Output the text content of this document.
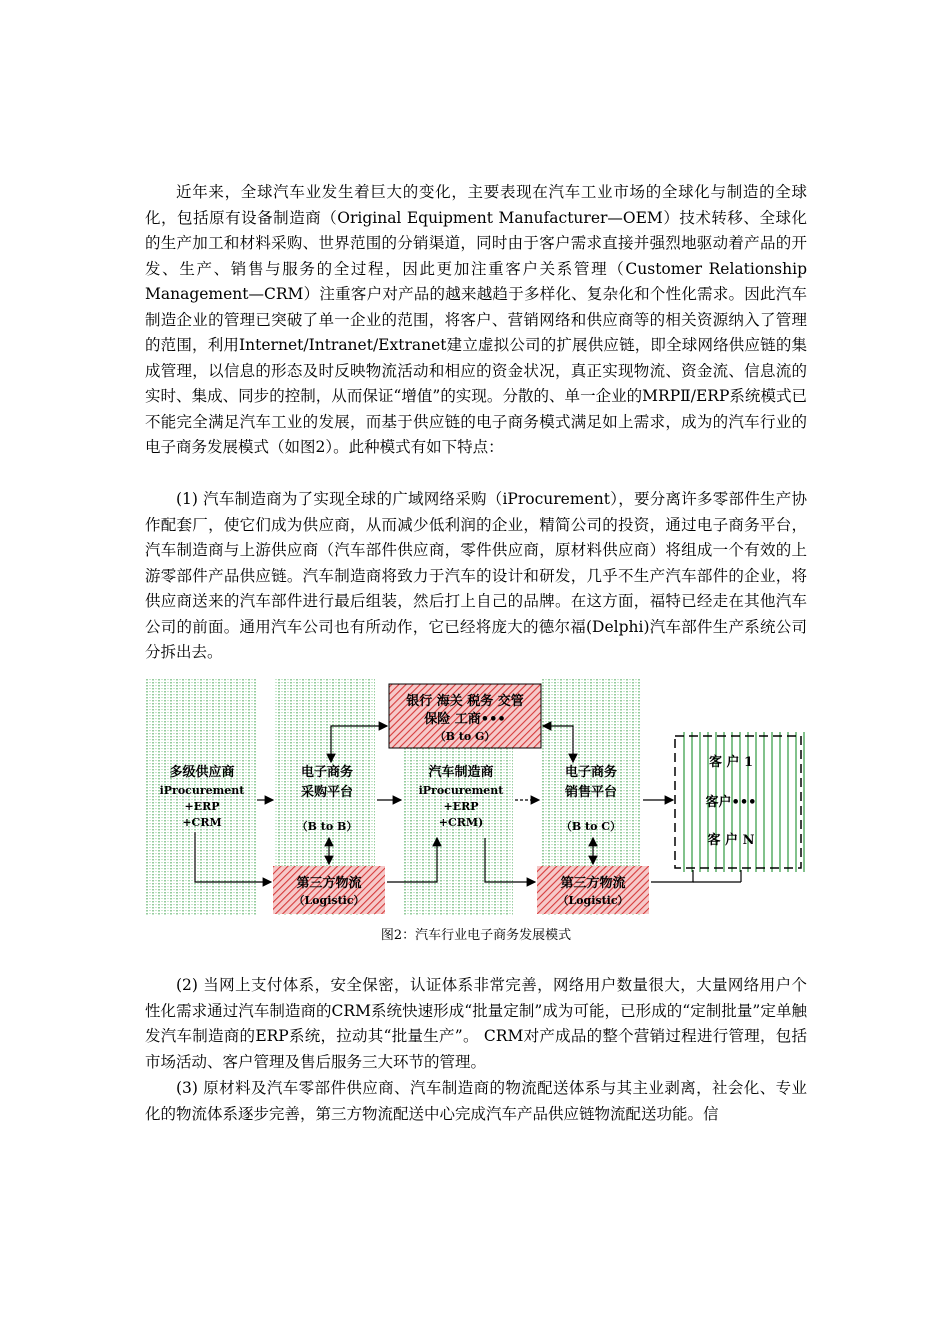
近年来，全球汽车业发生着巨大的变化，主要表现在汽车工业市场的全球化与制造的全球化，包括原有设备制造商（Original Equipment Manufacturer—OEM）技术转移、全球化的生产加工和材料采购、世界范围的分销渠道，同时由于客户需求直接并强烈地驱动着产品的开发、生产、销售与服务的全过程，因此更加注重客户关系管理（Customer Relationship Management—CRM）注重客户对产品的越来越趋于多样化、复杂化和个性化需求。因此汽车制造企业的管理已突破了单一企业的范围，将客户、营销网络和供应商等的相关资源纳入了管理的范围，利用Internet/Intranet/Extranet建立虚拟公司的扩展供应链，即全球网络供应链的集成管理，以信息的形态及时反映物流活动和相应的资金状况，真正实现物流、资金流、信息流的实时、集成、同步的控制，从而保证“增值”的实现。分散的、单一企业的MRPⅡ/ERP系统模式已不能完全满足汽车工业的发展，而基于供应链的电子商务模式满足如上需求，成为的汽车行业的电子商务发展模式（如图2）。此种模式有如下特点：

(1) 汽车制造商为了实现全球的广域网络采购（iProcurement），要分离许多零部件生产协作配套厂，使它们成为供应商，从而减少低利润的企业，精简公司的投资，通过电子商务平台，汽车制造商与上游供应商（汽车部件供应商，零件供应商，原材料供应商）将组成一个有效的上游零部件产品供应链。汽车制造商将致力于汽车的设计和研发，几乎不生产汽车部件的企业，将供应商送来的汽车部件进行最后组装，然后打上自己的品牌。在这方面，福特已经走在其他汽车公司的前面。通用汽车公司也有所动作，它已经将庞大的德尔福(Delphi)汽车部件生产系统公司分拆出去。

银行 海关 税务 交管
保险 工商•••
（B to G）
多级供应商
iProcurement
+ERP
+CRM
电子商务
采购平台
（B to B）
汽车制造商
iProcurement
+ERP
+CRM)
电子商务
销售平台
（B to C）
客 户 1
客户•••
客 户 N
第三方物流
（Logistic）
第三方物流
（Logistic）
图2：汽车行业电子商务发展模式

(2) 当网上支付体系，安全保密，认证体系非常完善，网络用户数量很大，大量网络用户个性化需求通过汽车制造商的CRM系统快速形成“批量定制”成为可能，已形成的“定制批量”定单触发汽车制造商的ERP系统，拉动其“批量生产”。 CRM对产成品的整个营销过程进行管理，包括市场活动、客户管理及售后服务三大环节的管理。

(3) 原材料及汽车零部件供应商、汽车制造商的物流配送体系与其主业剥离，社会化、专业化的物流体系逐步完善，第三方物流配送中心完成汽车产品供应链物流配送功能。信
